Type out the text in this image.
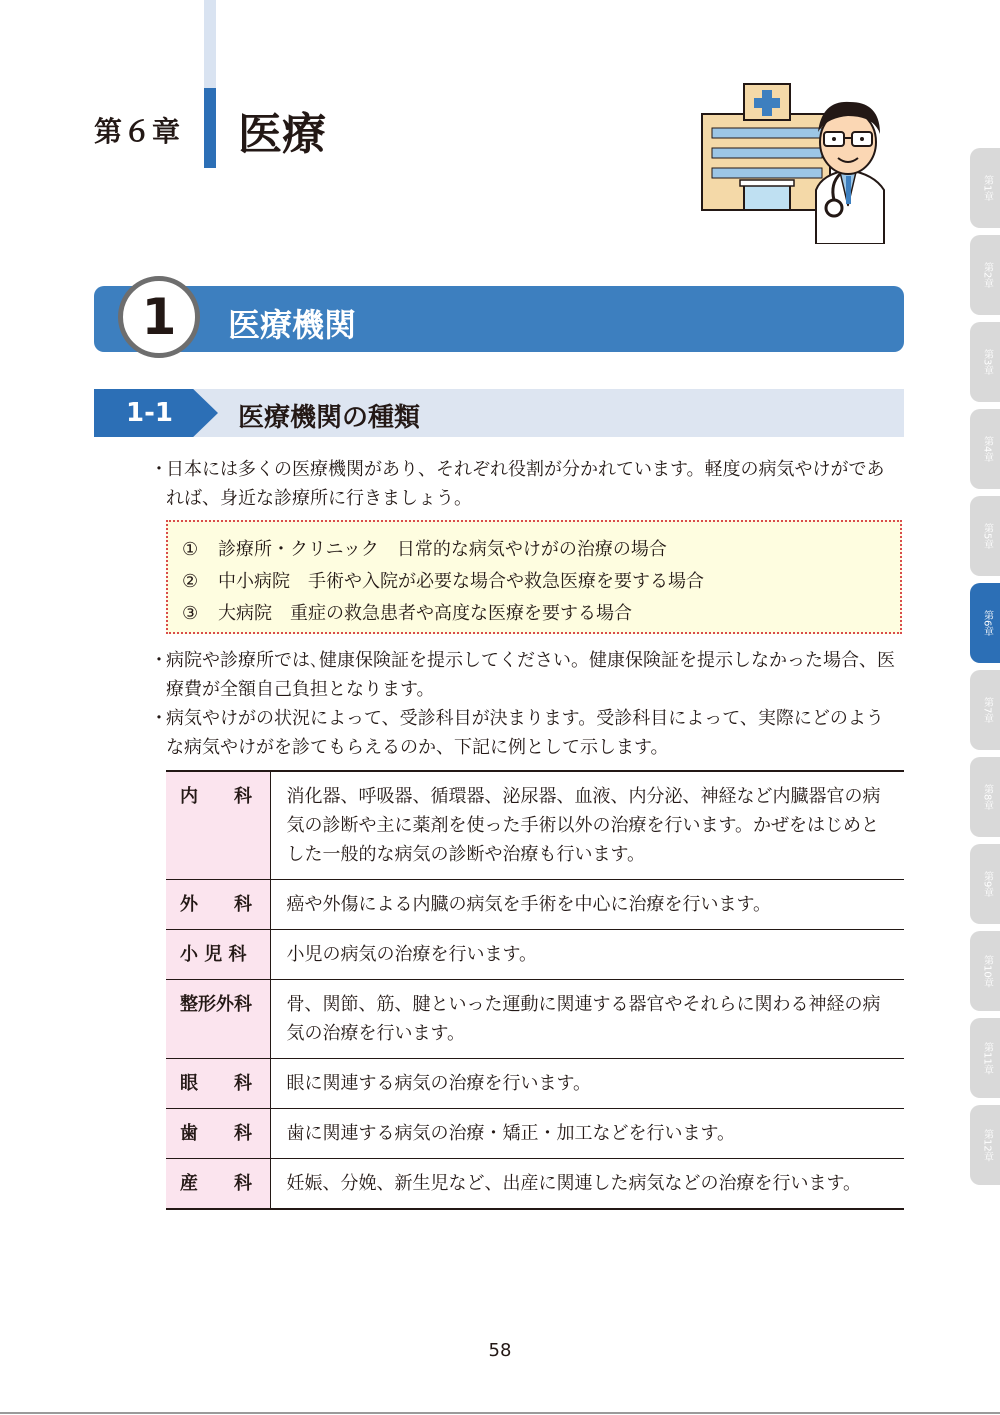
第６章 医療
1	医療機関
1-1	医療機関の種類
・
日本には多くの医療機関があり、それぞれ役割が分かれています。軽度の病気やけがであれば、身近な診療所に行きましょう。
① 診療所・クリニック　日常的な病気やけがの治療の場合
② 中小病院　手術や入院が必要な場合や救急医療を要する場合
③ 大病院　重症の救急患者や高度な医療を要する場合
・
病院や診療所では､健康保険証を提示してください。健康保険証を提示しなかった場合、医療費が全額自己負担となります。
・
病気やけがの状況によって、受診科目が決まります。受診科目によって、実際にどのような病気やけがを診てもらえるのか、下記に例として示します。
内　　科	消化器、呼吸器、循環器、泌尿器、血液、内分泌、神経など内臓器官の病気の診断や主に薬剤を使った手術以外の治療を行います。かぜをはじめとした一般的な病気の診断や治療も行います。
外　　科	癌や外傷による内臓の病気を手術を中心に治療を行います。
小 児 科	小児の病気の治療を行います。
整形外科	骨、関節、筋、腱といった運動に関連する器官やそれらに関わる神経の病気の治療を行います。
眼　　科	眼に関連する病気の治療を行います。
歯　　科	歯に関連する病気の治療・矯正・加工などを行います。
産　　科	妊娠、分娩、新生児など、出産に関連した病気などの治療を行います。
第1章
第2章
第3章
第4章
第5章
第6章
第7章
第8章
第9章
第10章
第11章
第12章
58
